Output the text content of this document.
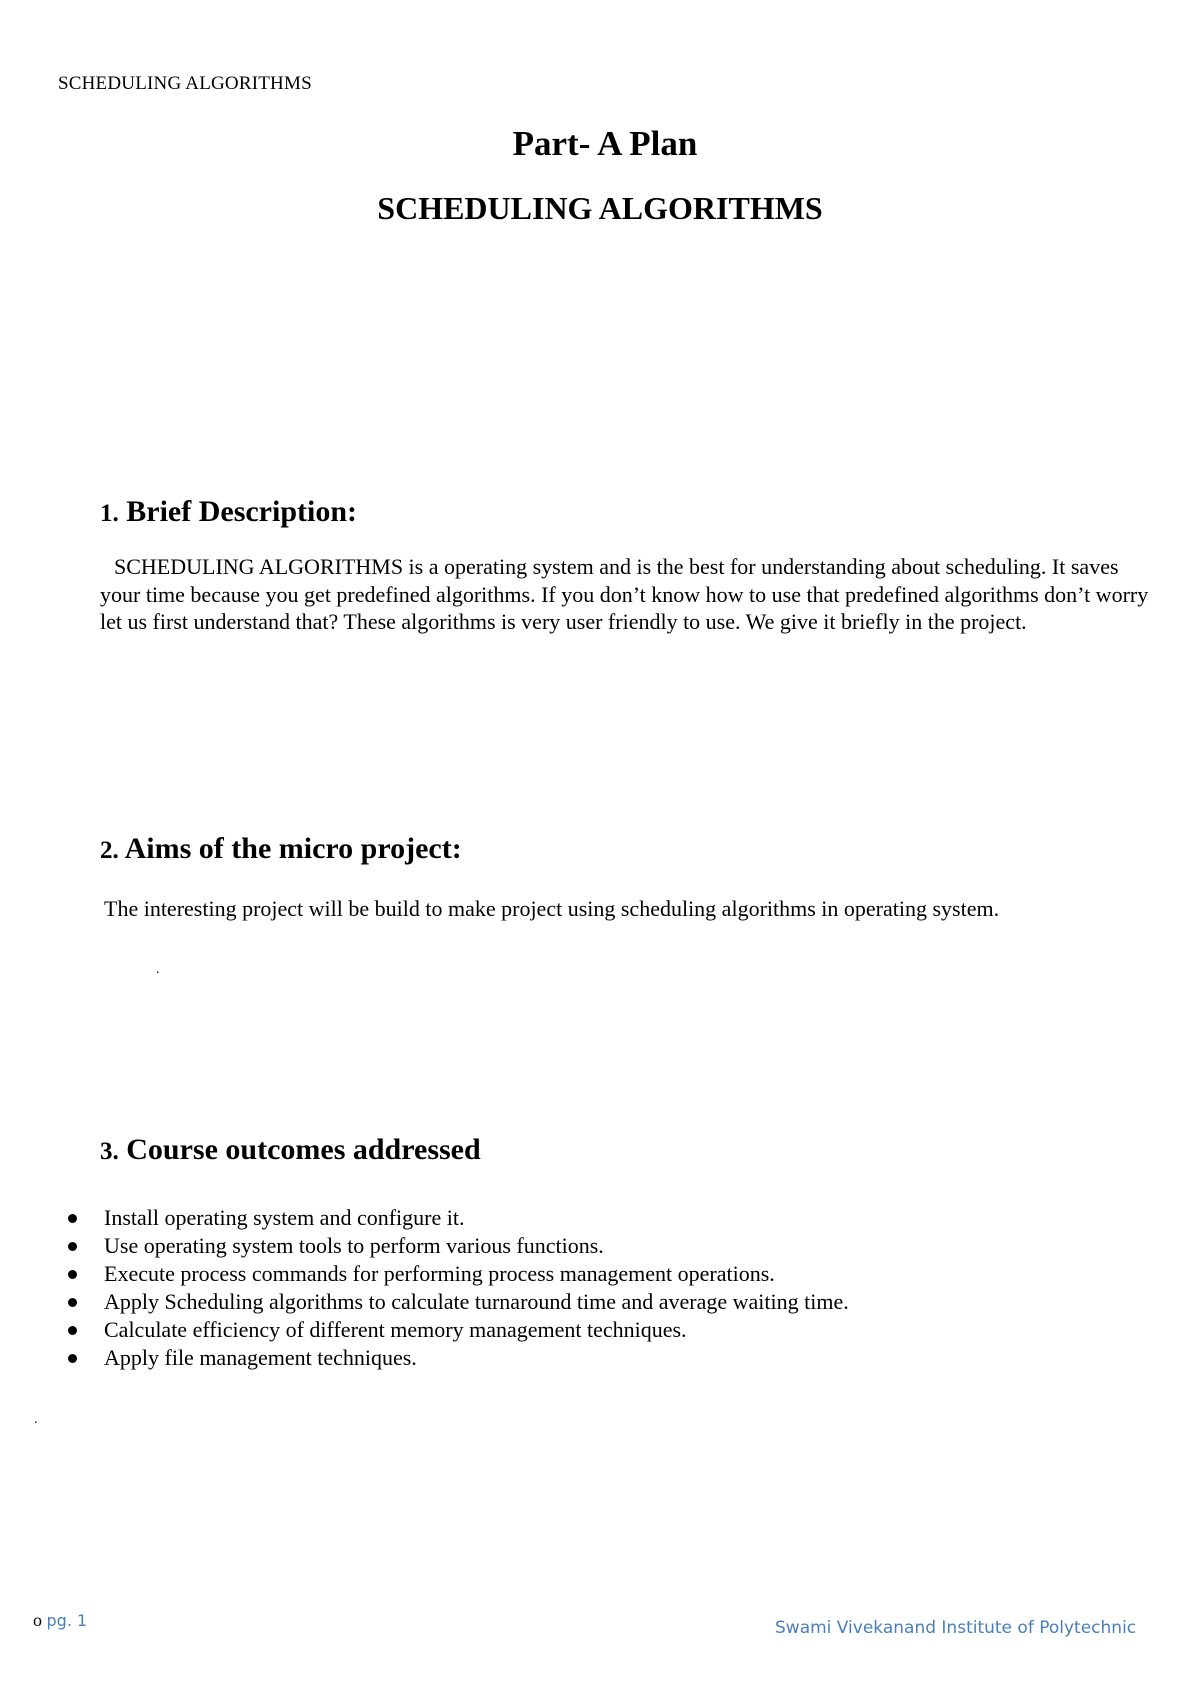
SCHEDULING ALGORITHMS
Part- A Plan
SCHEDULING ALGORITHMS
1. Brief Description:
SCHEDULING ALGORITHMS is a operating system and is the best for understanding about scheduling. It saves your time because you get predefined algorithms. If you don’t know how to use that predefined algorithms don’t worry let us first understand that? These algorithms is very user friendly to use. We give it briefly in the project.
2. Aims of the micro project:
The interesting project will be build to make project using scheduling algorithms in operating system.
.
3. Course outcomes addressed
Install operating system and configure it.
Use operating system tools to perform various functions.
Execute process commands for performing process management operations.
Apply Scheduling algorithms to calculate turnaround time and average waiting time.
Calculate efficiency of different memory management techniques.
Apply file management techniques.
.
o pg. 1	Swami Vivekanand Institute of Polytechnic
